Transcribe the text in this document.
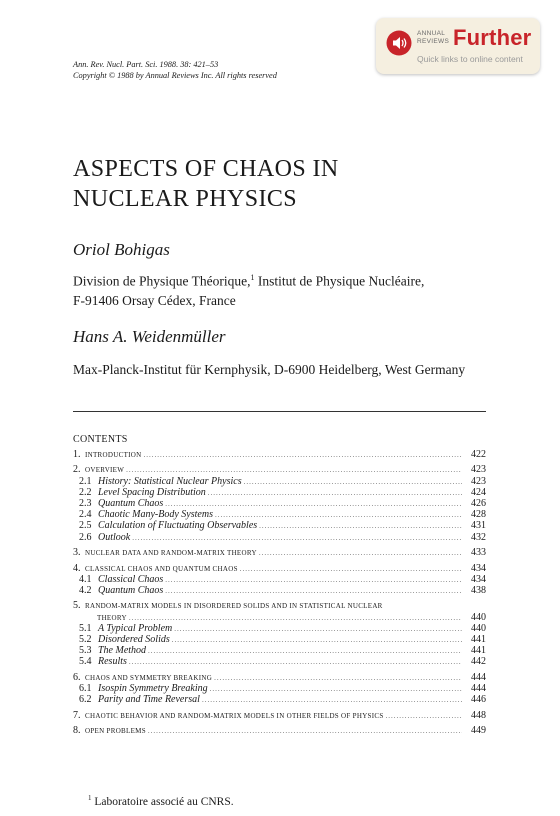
ANNUAL
REVIEWS Further
Quick links to online content
Ann. Rev. Nucl. Part. Sci. 1988. 38: 421–53
Copyright © 1988 by Annual Reviews Inc. All rights reserved
ASPECTS OF CHAOS IN
NUCLEAR PHYSICS
Oriol Bohigas
Division de Physique Théorique,$^1$ Institut de Physique Nucléaire,
F-91406 Orsay Cédex, France
Hans A. Weidenmüller
Max-Planck-Institut für Kernphysik, D-6900 Heidelberg, West Germany
CONTENTS
1. INTRODUCTION .....	422
2. OVERVIEW .....	423
2.1 History: Statistical Nuclear Physics .....	423
2.2 Level Spacing Distribution .....	424
2.3 Quantum Chaos .....	426
2.4 Chaotic Many-Body Systems .....	428
2.5 Calculation of Fluctuating Observables .....	431
2.6 Outlook .....	432
3. NUCLEAR DATA AND RANDOM-MATRIX THEORY .....	433
4. CLASSICAL CHAOS AND QUANTUM CHAOS .....	434
4.1 Classical Chaos .....	434
4.2 Quantum Chaos .....	438
5. RANDOM-MATRIX MODELS IN DISORDERED SOLIDS AND IN STATISTICAL NUCLEAR
THEORY .....	440
5.1 A Typical Problem .....	440
5.2 Disordered Solids .....	441
5.3 The Method .....	441
5.4 Results .....	442
6. CHAOS AND SYMMETRY BREAKING .....	444
6.1 Isospin Symmetry Breaking .....	444
6.2 Parity and Time Reversal .....	446
7. CHAOTIC BEHAVIOR AND RANDOM-MATRIX MODELS IN OTHER FIELDS OF PHYSICS .....	448
8. OPEN PROBLEMS .....	449
$^1$ Laboratoire associé au CNRS.
